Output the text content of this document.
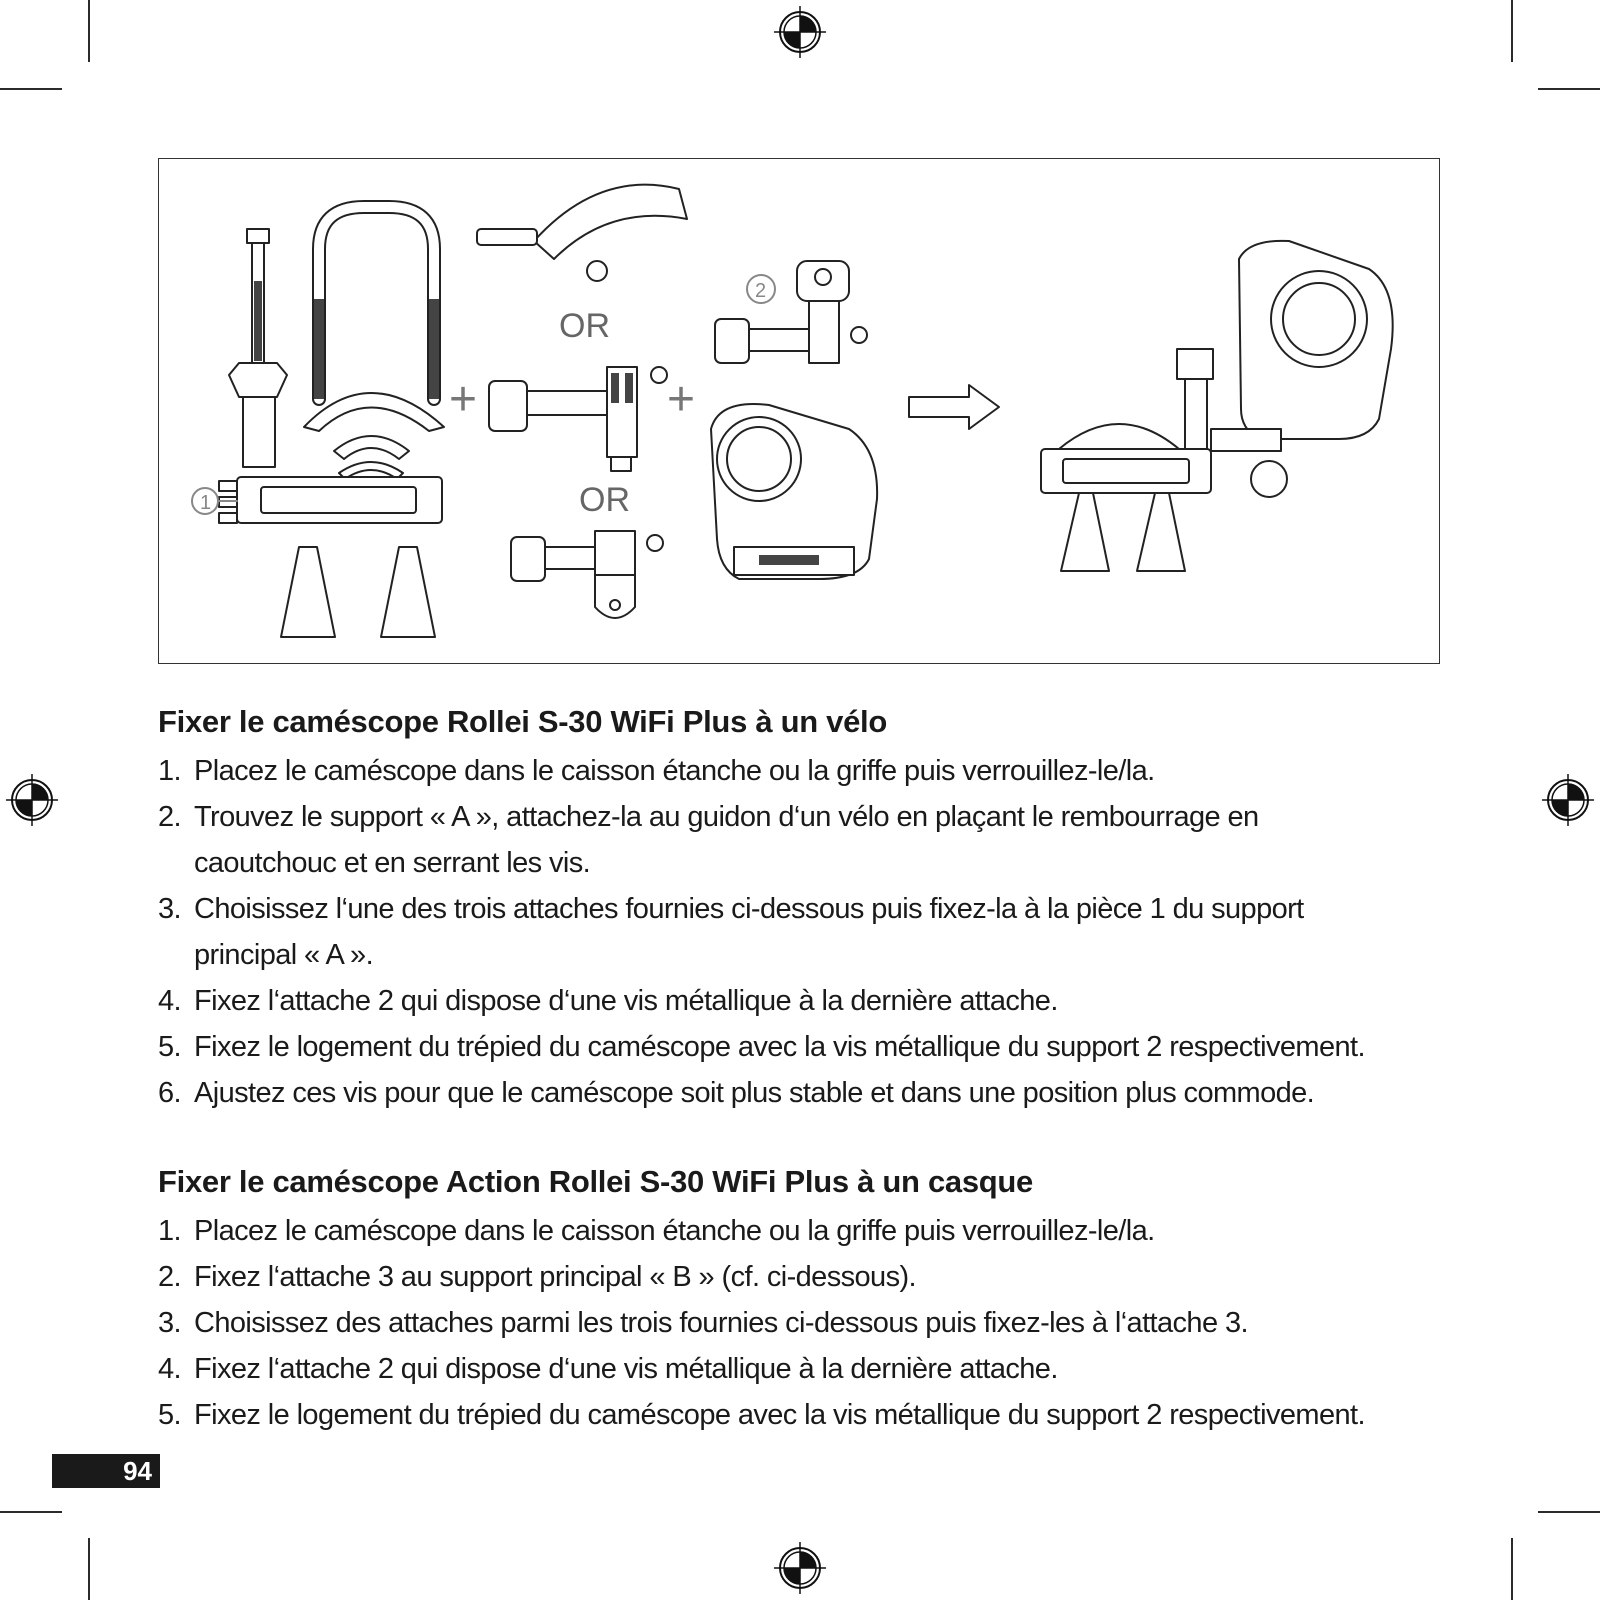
1
+	+
OR
OR
2
Fixer le caméscope Rollei S-30 WiFi Plus à un vélo
1. Placez le caméscope dans le caisson étanche ou la griffe puis verrouillez-le/la.
2. Trouvez le support « A », attachez-la au guidon d‘un vélo en plaçant le rembourrage en caoutchouc et en serrant les vis.
3. Choisissez l‘une des trois attaches fournies ci-dessous puis fixez-la à la pièce 1 du support principal « A ».
4. Fixez l‘attache 2 qui dispose d‘une vis métallique à la dernière attache.
5. Fixez le logement du trépied du caméscope avec la vis métallique du support 2 respectivement.
6. Ajustez ces vis pour que le caméscope soit plus stable et dans une position plus commode.
Fixer le caméscope Action Rollei S-30 WiFi Plus à un casque
1. Placez le caméscope dans le caisson étanche ou la griffe puis verrouillez-le/la.
2. Fixez l‘attache 3 au support principal « B » (cf. ci-dessous).
3. Choisissez des attaches parmi les trois fournies ci-dessous puis fixez-les à l‘attache 3.
4. Fixez l‘attache 2 qui dispose d‘une vis métallique à la dernière attache.
5. Fixez le logement du trépied du caméscope avec la vis métallique du support 2 respectivement.
94
